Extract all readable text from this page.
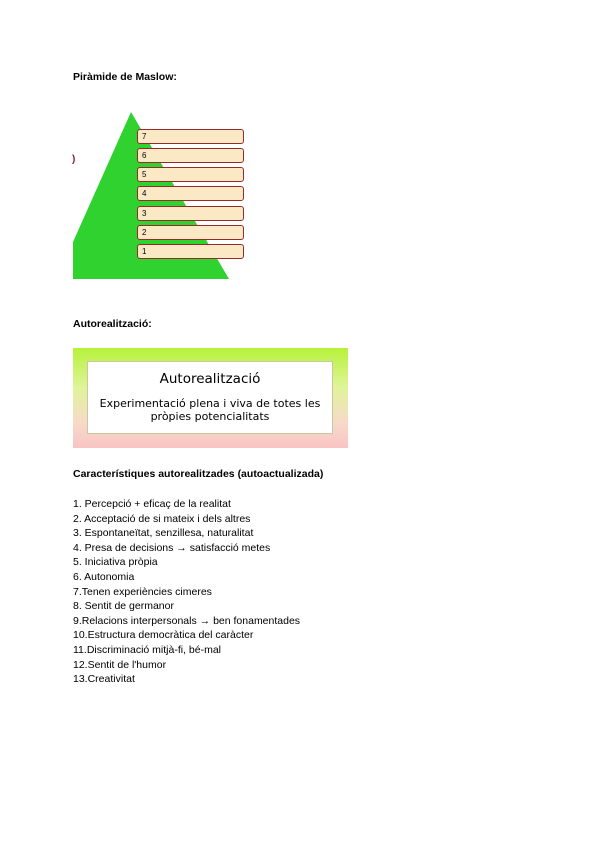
Piràmide de Maslow:
)
7
6
5
4
3
2
1
Autorealització:
Autorealització
Experimentació plena i viva de totes les pròpies potencialitats
Característiques autorealitzades (autoactualizada)
1. Percepció + eficaç de la realitat
2. Acceptació de si mateix i dels altres
3. Espontaneïtat, senzillesa, naturalitat
4. Presa de decisions → satisfacció metes
5. Iniciativa pròpia
6. Autonomia
7.Tenen experiències cimeres
8. Sentit de germanor
9.Relacions interpersonals → ben fonamentades
10.Estructura democràtica del caràcter
11.Discriminació mitjà-fi, bé-mal
12.Sentit de l'humor
13.Creativitat
